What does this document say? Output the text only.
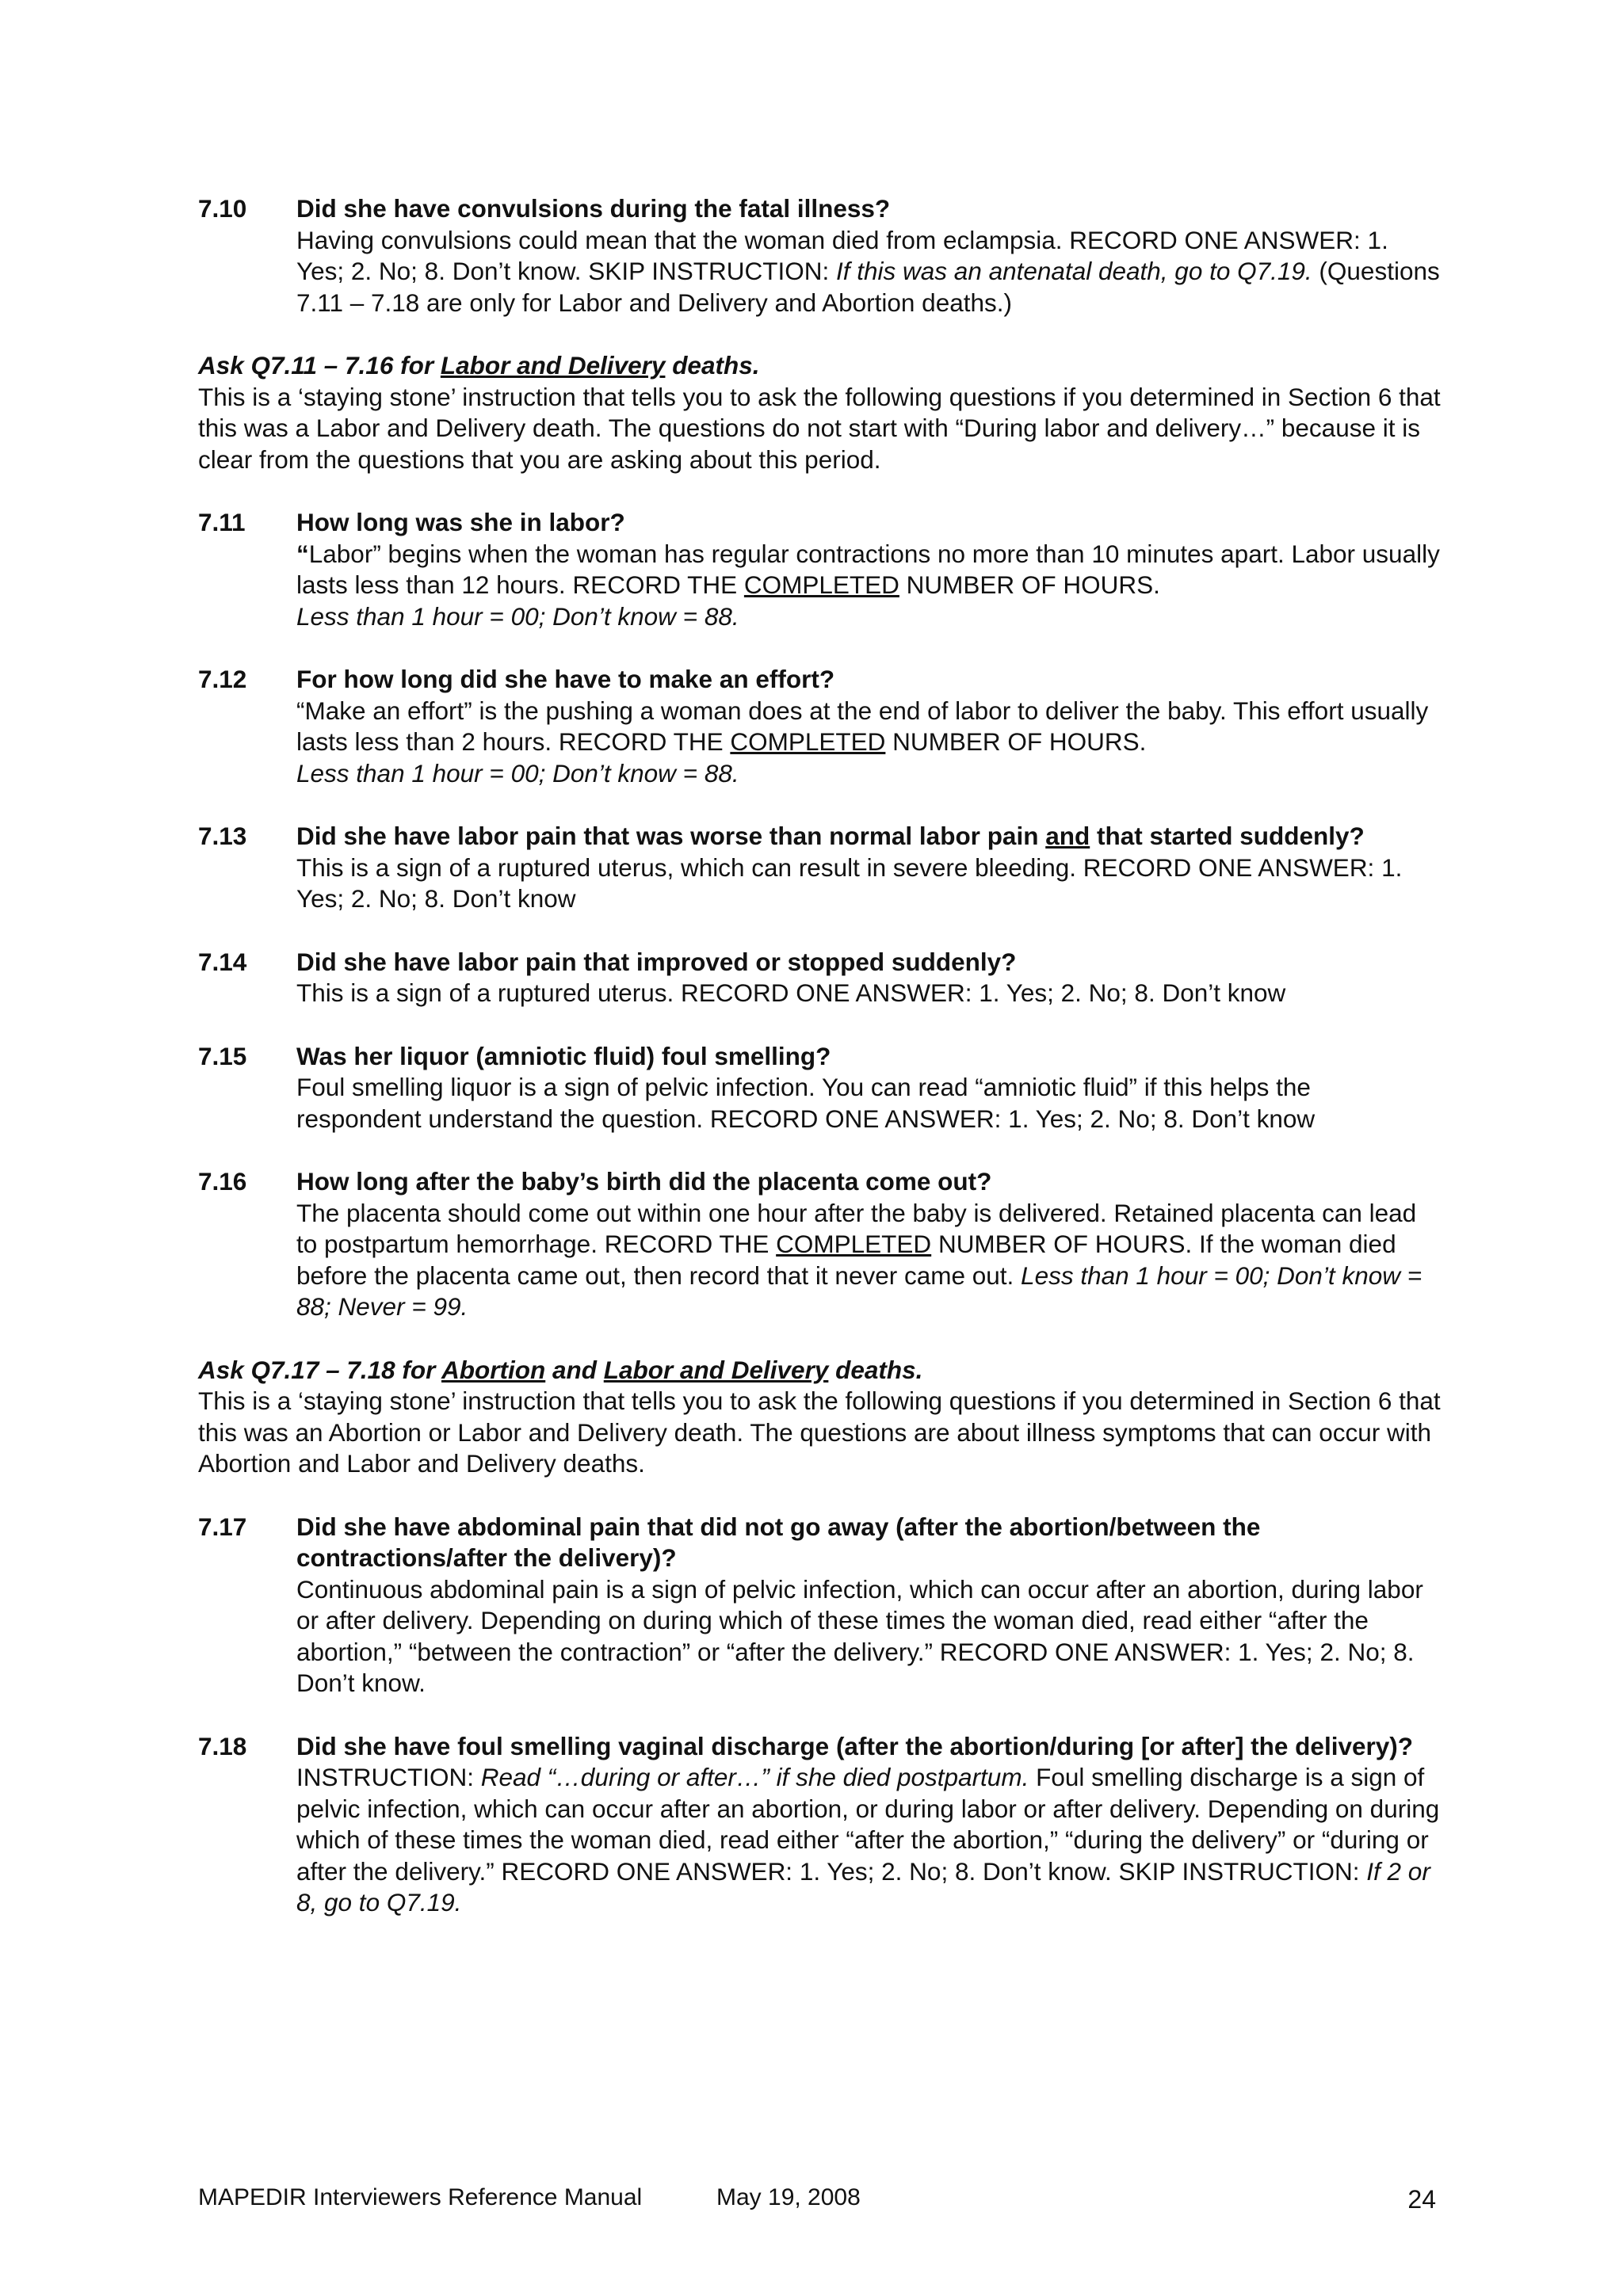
7.10	Did she have convulsions during the fatal illness?
Having convulsions could mean that the woman died from eclampsia. RECORD ONE ANSWER: 1. Yes; 2. No; 8. Don’t know. SKIP INSTRUCTION: If this was an antenatal death, go to Q7.19. (Questions 7.11 – 7.18 are only for Labor and Delivery and Abortion deaths.)
Ask Q7.11 – 7.16 for Labor and Delivery deaths.
This is a ‘staying stone’ instruction that tells you to ask the following questions if you determined in Section 6 that this was a Labor and Delivery death. The questions do not start with “During labor and delivery…” because it is clear from the questions that you are asking about this period.
7.11	How long was she in labor?
“Labor” begins when the woman has regular contractions no more than 10 minutes apart. Labor usually lasts less than 12 hours. RECORD THE COMPLETED NUMBER OF HOURS.
Less than 1 hour = 00; Don’t know = 88.
7.12	For how long did she have to make an effort?
“Make an effort” is the pushing a woman does at the end of labor to deliver the baby. This effort usually lasts less than 2 hours. RECORD THE COMPLETED NUMBER OF HOURS.
Less than 1 hour = 00; Don’t know = 88.
7.13	Did she have labor pain that was worse than normal labor pain and that started suddenly?
This is a sign of a ruptured uterus, which can result in severe bleeding. RECORD ONE ANSWER: 1. Yes; 2. No; 8. Don’t know
7.14	Did she have labor pain that improved or stopped suddenly?
This is a sign of a ruptured uterus. RECORD ONE ANSWER: 1. Yes; 2. No; 8. Don’t know
7.15	Was her liquor (amniotic fluid) foul smelling?
Foul smelling liquor is a sign of pelvic infection. You can read “amniotic fluid” if this helps the respondent understand the question. RECORD ONE ANSWER: 1. Yes; 2. No; 8. Don’t know
7.16	How long after the baby’s birth did the placenta come out?
The placenta should come out within one hour after the baby is delivered. Retained placenta can lead to postpartum hemorrhage. RECORD THE COMPLETED NUMBER OF HOURS. If the woman died before the placenta came out, then record that it never came out. Less than 1 hour = 00; Don’t know = 88; Never = 99.
Ask Q7.17 – 7.18 for Abortion and Labor and Delivery deaths.
This is a ‘staying stone’ instruction that tells you to ask the following questions if you determined in Section 6 that this was an Abortion or Labor and Delivery death. The questions are about illness symptoms that can occur with Abortion and Labor and Delivery deaths.
7.17	Did she have abdominal pain that did not go away (after the abortion/between the contractions/after the delivery)?
Continuous abdominal pain is a sign of pelvic infection, which can occur after an abortion, during labor or after delivery. Depending on during which of these times the woman died, read either “after the abortion,” “between the contraction” or “after the delivery.” RECORD ONE ANSWER: 1. Yes; 2. No; 8. Don’t know.
7.18	Did she have foul smelling vaginal discharge (after the abortion/during [or after] the delivery)?
INSTRUCTION: Read “…during or after…” if she died postpartum. Foul smelling discharge is a sign of pelvic infection, which can occur after an abortion, or during labor or after delivery. Depending on during which of these times the woman died, read either “after the abortion,” “during the delivery” or “during or after the delivery.” RECORD ONE ANSWER: 1. Yes; 2. No; 8. Don’t know. SKIP INSTRUCTION: If 2 or 8, go to Q7.19.
MAPEDIR Interviewers Reference Manual	May 19, 2008	24
